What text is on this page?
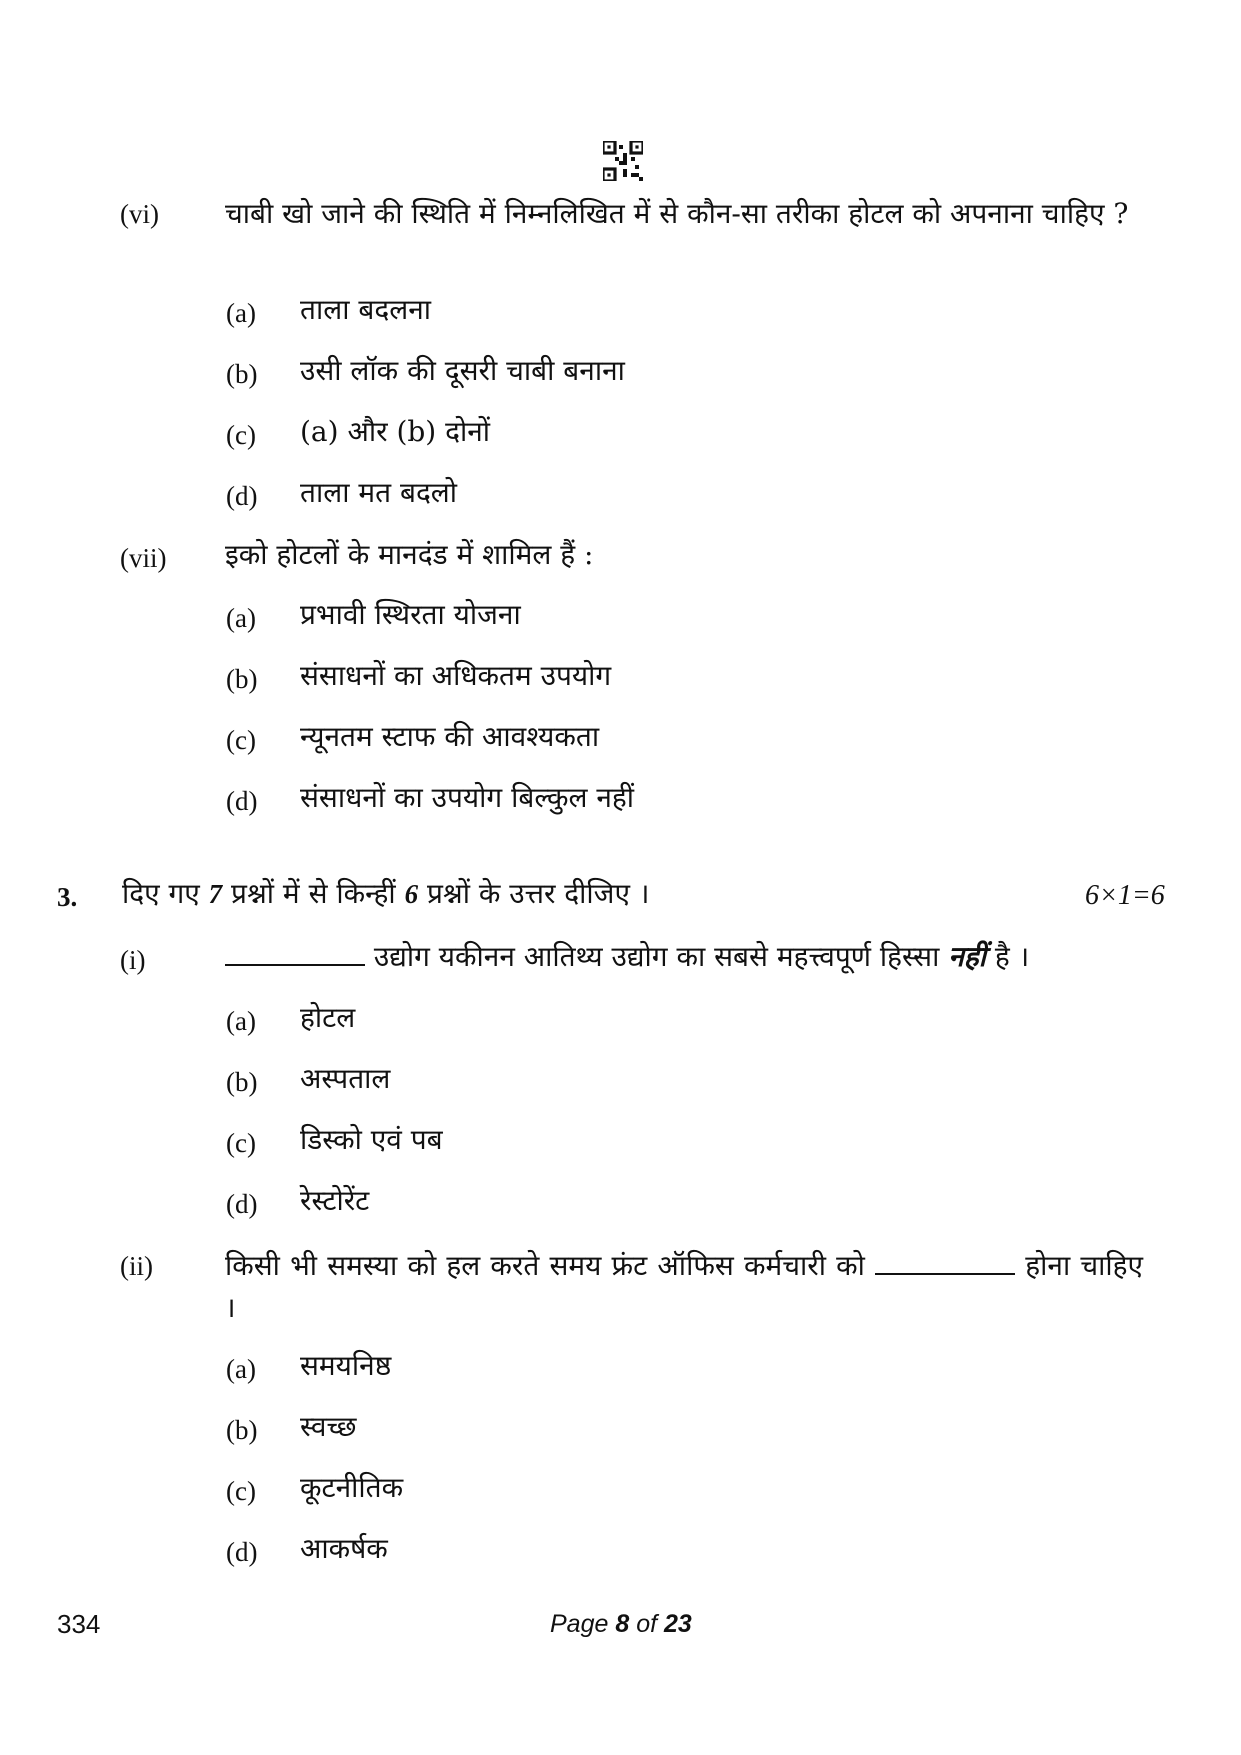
(vi) चाबी खो जाने की स्थिति में निम्नलिखित में से कौन-सा तरीका होटल को अपनाना चाहिए ?
(a) ताला बदलना
(b) उसी लॉक की दूसरी चाबी बनाना
(c) (a) और (b) दोनों
(d) ताला मत बदलो
(vii) इको होटलों के मानदंड में शामिल हैं :
(a) प्रभावी स्थिरता योजना
(b) संसाधनों का अधिकतम उपयोग
(c) न्यूनतम स्टाफ की आवश्यकता
(d) संसाधनों का उपयोग बिल्कुल नहीं
3. दिए गए 7 प्रश्नों में से किन्हीं 6 प्रश्नों के उत्तर दीजिए ।	6×1=6
(i)	उद्योग यकीनन आतिथ्य उद्योग का सबसे महत्त्वपूर्ण हिस्सा नहीं है ।
(a) होटल
(b) अस्पताल
(c) डिस्को एवं पब
(d) रेस्टोरेंट
(ii)	किसी भी समस्या को हल करते समय फ्रंट ऑफिस कर्मचारी को	होना चाहिए ।
(a) समयनिष्ठ
(b) स्वच्छ
(c) कूटनीतिक
(d) आकर्षक
334	Page 8 of 23
